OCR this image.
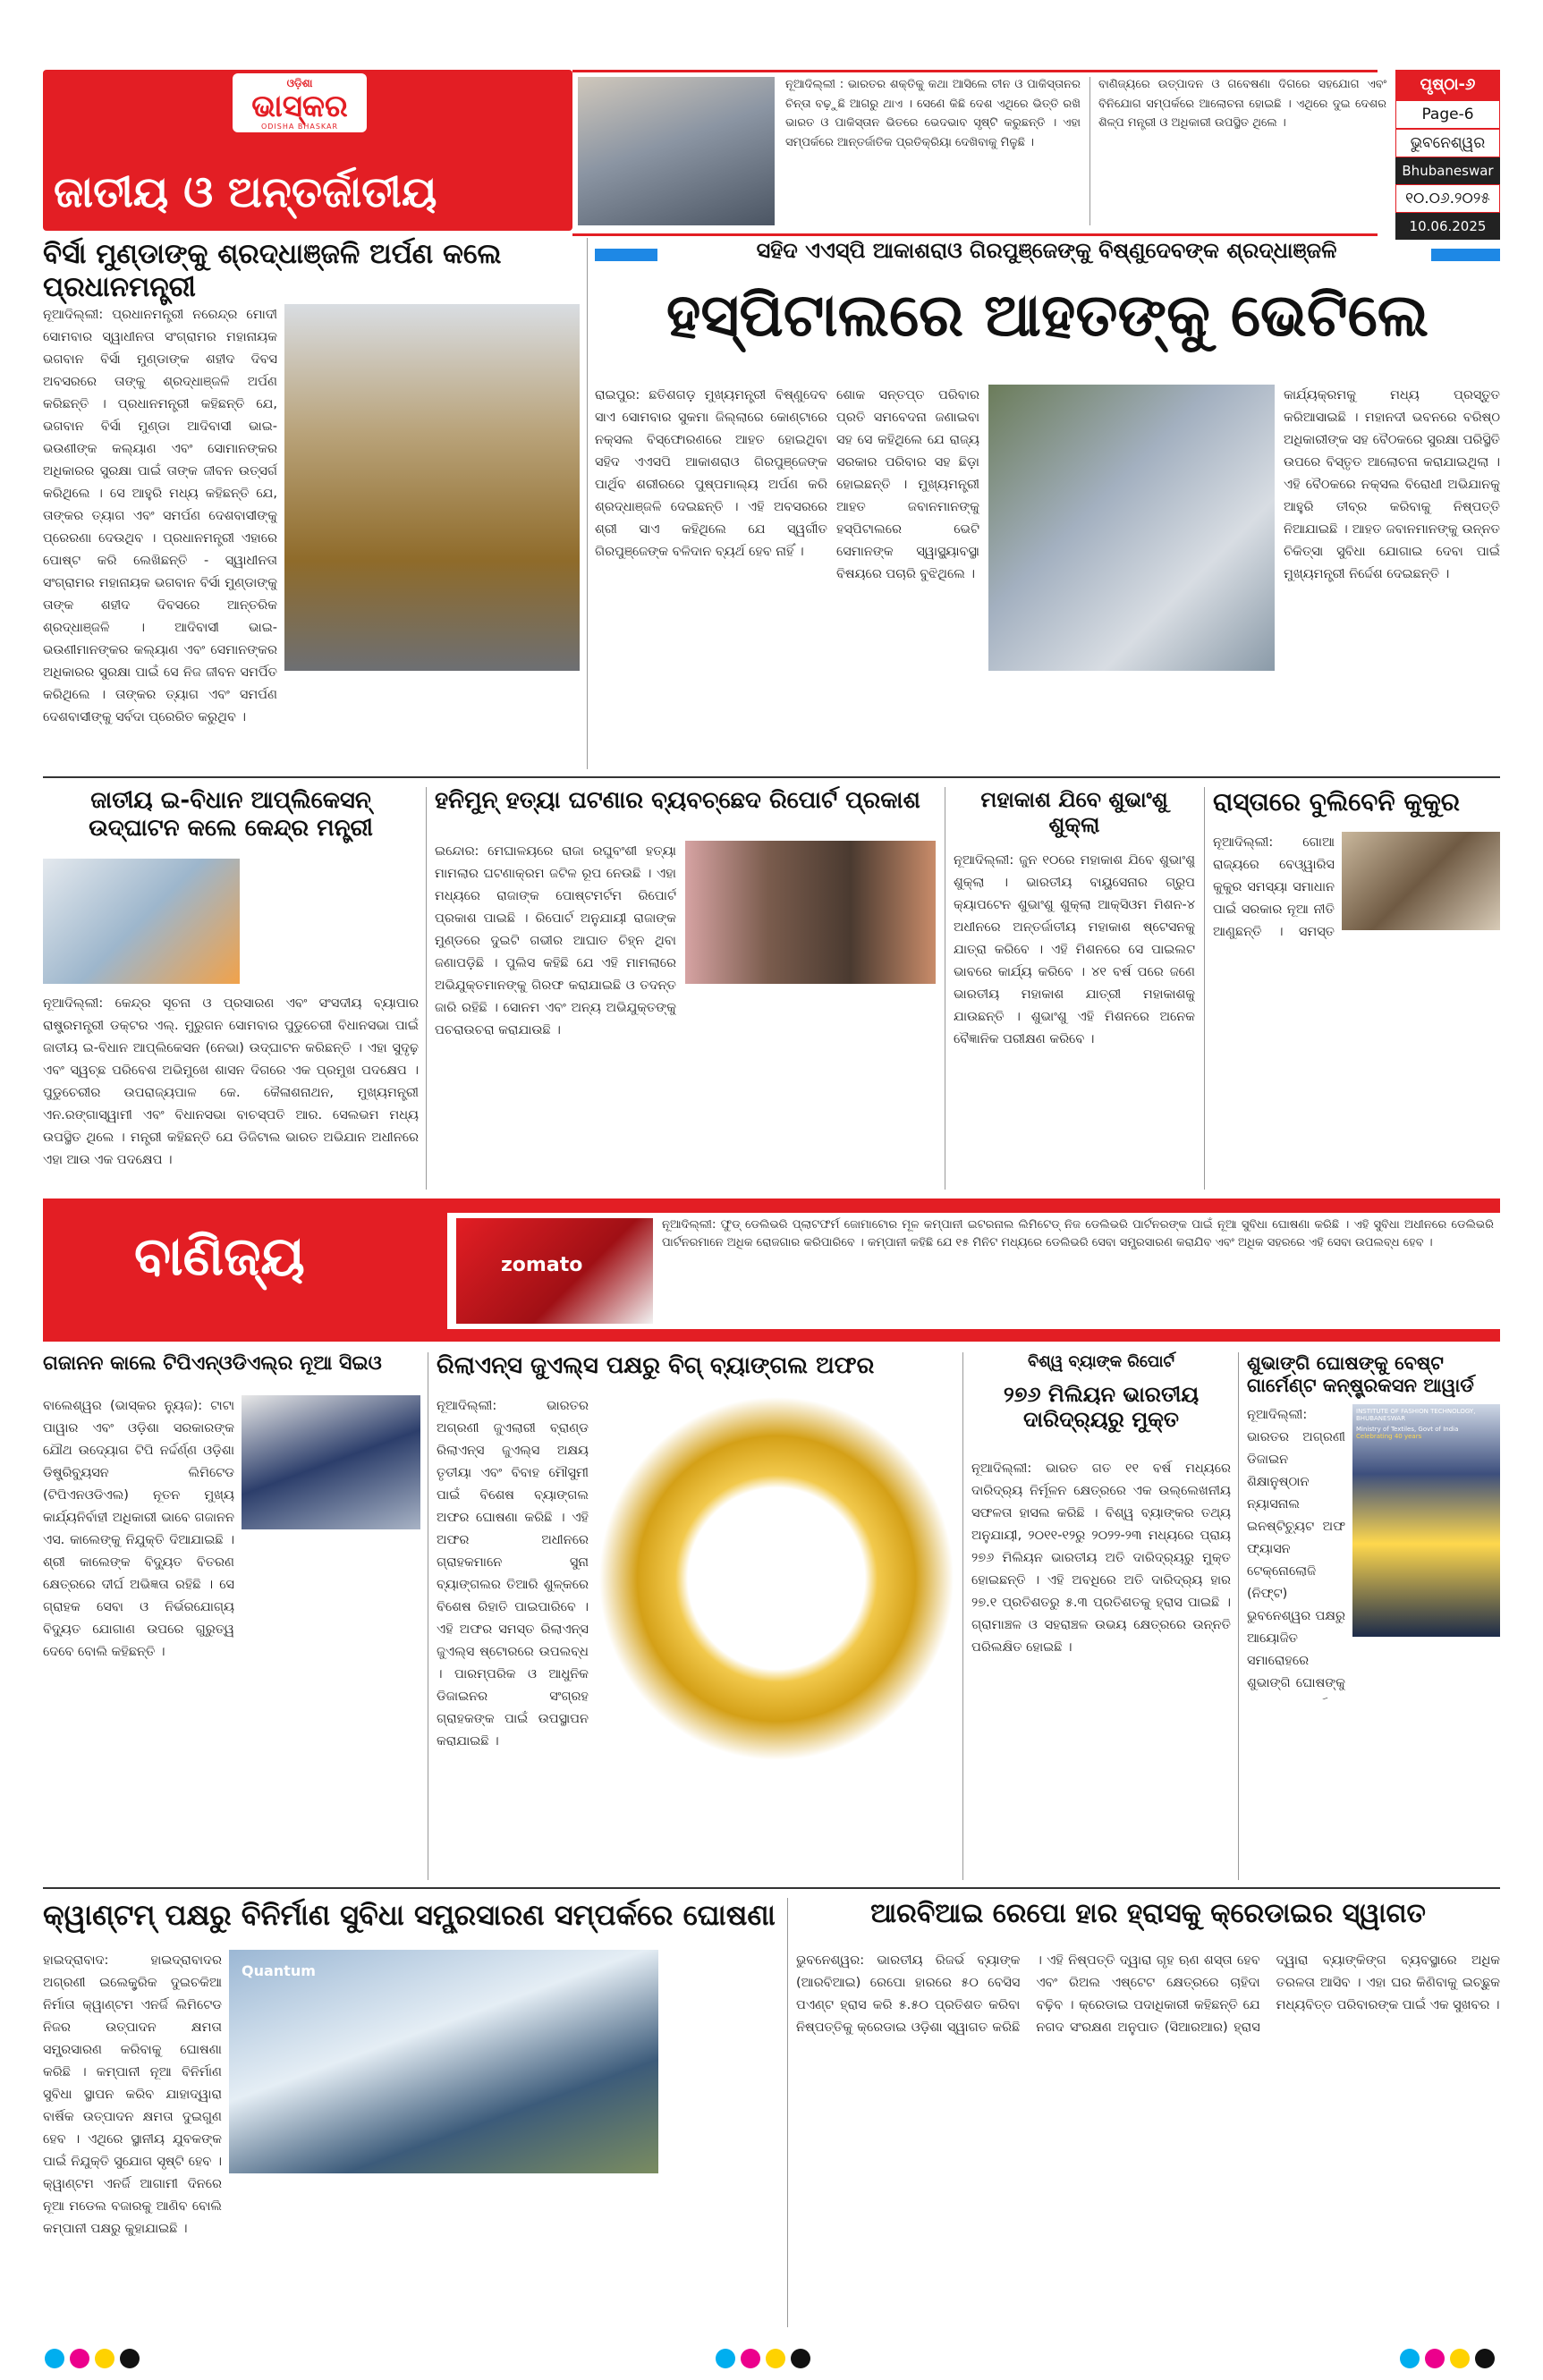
ଓଡ଼ିଶା
ଭାସ୍କର
ODISHA BHASKAR
ଜାତୀୟ ଓ ଅନ୍ତର୍ଜାତୀୟ
ନୂଆଦିଲ୍ଲୀ : ଭାରତର ଶକ୍ତିକୁ କଥା ଆସିଲେ ଚୀନ ଓ ପାକିସ୍ତାନର ଚିନ୍ତା ବଢ଼ୁଛି ଆଗରୁ ଥାଏ । ସେଣେ କିଛି ଦେଶ ଏଥିରେ ଭିତ୍ତି ରଖି ଭାରତ ଓ ପାକିସ୍ତାନ ଭିତରେ ଭେଦଭାବ ସୃଷ୍ଟି କରୁଛନ୍ତି । ଏହା ସମ୍ପର୍କରେ ଆନ୍ତର୍ଜାତିକ ପ୍ରତିକ୍ରିୟା ଦେଖିବାକୁ ମିଳୁଛି ।
ବାଣିଜ୍ୟରେ ଉତ୍ପାଦନ ଓ ଗବେଷଣା ଦିଗରେ ସହଯୋଗ ଏବଂ ବିନିଯୋଗ ସମ୍ପର୍କରେ ଆଲୋଚନା ହୋଇଛି । ଏଥିରେ ଦୁଇ ଦେଶର ଶିଳ୍ପ ମନ୍ତ୍ରୀ ଓ ଅଧିକାରୀ ଉପସ୍ଥିତ ଥିଲେ ।
ପୃଷ୍ଠା-୬
Page-6
ଭୁବନେଶ୍ୱର
Bhubaneswar
୧୦.୦୬.୨୦୨୫
10.06.2025
ବିର୍ସା ମୁଣ୍ଡାଙ୍କୁ ଶ୍ରଦ୍ଧାଞ୍ଜଳି ଅର୍ପଣ କଲେ ପ୍ରଧାନମନ୍ତ୍ରୀ
ନୂଆଦିଲ୍ଲୀ: ପ୍ରଧାନମନ୍ତ୍ରୀ ନରେନ୍ଦ୍ର ମୋଦୀ ସୋମବାର ସ୍ୱାଧୀନତା ସଂଗ୍ରାମର ମହାନାୟକ ଭଗବାନ ବିର୍ସା ମୁଣ୍ଡାଙ୍କ ଶହୀଦ ଦିବସ ଅବସରରେ ତାଙ୍କୁ ଶ୍ରଦ୍ଧାଞ୍ଜଳି ଅର୍ପଣ କରିଛନ୍ତି । ପ୍ରଧାନମନ୍ତ୍ରୀ କହିଛନ୍ତି ଯେ, ଭଗବାନ ବିର୍ସା ମୁଣ୍ଡା ଆଦିବାସୀ ଭାଇ-ଭଉଣୀଙ୍କ କଲ୍ୟାଣ ଏବଂ ସୋମାନଙ୍କର ଅଧିକାରର ସୁରକ୍ଷା ପାଇଁ ତାଙ୍କ ଜୀବନ ଉତ୍ସର୍ଗ କରିଥିଲେ । ସେ ଆହୁରି ମଧ୍ୟ କହିଛନ୍ତି ଯେ, ତାଙ୍କର ତ୍ୟାଗ ଏବଂ ସମର୍ପଣ ଦେଶବାସୀଙ୍କୁ ପ୍ରେରଣା ଦେଉଥିବ । ପ୍ରଧାନମନ୍ତ୍ରୀ ଏହାରେ ପୋଷ୍ଟ କରି ଲେଖିଛନ୍ତି - ସ୍ୱାଧୀନତା ସଂଗ୍ରାମର ମହାନାୟକ ଭଗବାନ ବିର୍ସା ମୁଣ୍ଡାଙ୍କୁ ତାଙ୍କ ଶହୀଦ ଦିବସରେ ଆନ୍ତରିକ ଶ୍ରଦ୍ଧାଞ୍ଜଳି । ଆଦିବାସୀ ଭାଇ-ଭଉଣୀମାନଙ୍କର କଲ୍ୟାଣ ଏବଂ ସେମାନଙ୍କର ଅଧିକାରର ସୁରକ୍ଷା ପାଇଁ ସେ ନିଜ ଜୀବନ ସମର୍ପିତ କରିଥିଲେ । ତାଙ୍କର ତ୍ୟାଗ ଏବଂ ସମର୍ପଣ ଦେଶବାସୀଙ୍କୁ ସର୍ବଦା ପ୍ରେରିତ କରୁଥିବ ।
ସହିଦ ଏଏସ୍‌ପି ଆକାଶରାଓ ଗିରପୁଞ୍ଜେଙ୍କୁ ବିଷ୍ଣୁଦେବଙ୍କ ଶ୍ରଦ୍ଧାଞ୍ଜଳି
ହସ୍ପିଟାଲରେ ଆହତଙ୍କୁ ଭେଟିଲେ
ରାଇପୁର: ଛତିଶଗଡ଼ ମୁଖ୍ୟମନ୍ତ୍ରୀ ବିଷ୍ଣୁଦେବ ସାଏ ସୋମବାର ସୁକମା ଜିଲ୍ଲାରେ କୋଣ୍ଟାରେ ନକ୍ସଲ ବିସ୍ଫୋରଣରେ ଆହତ ହୋଇଥିବା ସହିଦ ଏଏସପି ଆକାଶରାଓ ଗିରପୁଞ୍ଜେଙ୍କ ପାର୍ଥିବ ଶରୀରରେ ପୁଷ୍ପମାଲ୍ୟ ଅର୍ପଣ କରି ଶ୍ରଦ୍ଧାଞ୍ଜଳି ଦେଇଛନ୍ତି । ଏହି ଅବସରରେ ଶ୍ରୀ ସାଏ କହିଥିଲେ ଯେ ସ୍ୱର୍ଗୀତ ଗିରପୁଞ୍ଜେଙ୍କ ବଳିଦାନ ବ୍ୟର୍ଥ ହେବ ନାହିଁ ।
ଶୋକ ସନ୍ତପ୍ତ ପରିବାର ପ୍ରତି ସମବେଦନା ଜଣାଇବା ସହ ସେ କହିଥିଲେ ଯେ ରାଜ୍ୟ ସରକାର ପରିବାର ସହ ଛିଡ଼ା ହୋଇଛନ୍ତି । ମୁଖ୍ୟମନ୍ତ୍ରୀ ଆହତ ଜବାନମାନଙ୍କୁ ହସ୍ପିଟାଲରେ ଭେଟି ସେମାନଙ୍କ ସ୍ୱାସ୍ଥ୍ୟାବସ୍ଥା ବିଷୟରେ ପଚାରି ବୁଝିଥିଲେ ।
କାର୍ଯ୍ୟକ୍ରମକୁ ମଧ୍ୟ ପ୍ରସ୍ତୁତ କରିଆସାଇଛି । ମହାନଦୀ ଭବନରେ ବରିଷ୍ଠ ଅଧିକାରୀଙ୍କ ସହ ବୈଠକରେ ସୁରକ୍ଷା ପରିସ୍ଥିତି ଉପରେ ବିସ୍ତୃତ ଆଲୋଚନା କରାଯାଇଥିଲା । ଏହି ବୈଠକରେ ନକ୍ସଲ ବିରୋଧୀ ଅଭିଯାନକୁ ଆହୁରି ତୀବ୍ର କରିବାକୁ ନିଷ୍ପତ୍ତି ନିଆଯାଇଛି । ଆହତ ଜବାନମାନଙ୍କୁ ଉନ୍ନତ ଚିକିତ୍ସା ସୁବିଧା ଯୋଗାଇ ଦେବା ପାଇଁ ମୁଖ୍ୟମନ୍ତ୍ରୀ ନିର୍ଦ୍ଦେଶ ଦେଇଛନ୍ତି ।
ଜାତୀୟ ଇ-ବିଧାନ ଆପ୍ଲିକେସନ୍ ଉଦ୍‌ଘାଟନ କଲେ କେନ୍ଦ୍ର ମନ୍ତ୍ରୀ
ନୂଆଦିଲ୍ଲୀ: କେନ୍ଦ୍ର ସୂଚନା ଓ ପ୍ରସାରଣ ଏବଂ ସଂସଦୀୟ ବ୍ୟାପାର ରାଷ୍ଟ୍ରମନ୍ତ୍ରୀ ଡକ୍ଟର ଏଲ୍. ମୁରୁଗନ ସୋମବାର ପୁଡୁଚେରୀ ବିଧାନସଭା ପାଇଁ ଜାତୀୟ ଇ-ବିଧାନ ଆପ୍ଲିକେସନ (ନେଭା) ଉଦ୍‌ଘାଟନ କରିଛନ୍ତି । ଏହା ସୁଦୃଢ଼ ଏବଂ ସ୍ୱଚ୍ଛ ପରିବେଶ ଅଭିମୁଖେ ଶାସନ ଦିଗରେ ଏକ ପ୍ରମୁଖ ପଦକ୍ଷେପ । ପୁଡୁଚେରୀର ଉପରାଜ୍ୟପାଳ କେ. କୈଳାଶନାଥନ, ମୁଖ୍ୟମନ୍ତ୍ରୀ ଏନ.ରଙ୍ଗାସ୍ୱାମୀ ଏବଂ ବିଧାନସଭା ବାଚସ୍ପତି ଆର. ସେଲଭମ ମଧ୍ୟ ଉପସ୍ଥିତ ଥିଲେ । ମନ୍ତ୍ରୀ କହିଛନ୍ତି ଯେ ଡିଜିଟାଲ ଭାରତ ଅଭିଯାନ ଅଧୀନରେ ଏହା ଆଉ ଏକ ପଦକ୍ଷେପ ।
ହନିମୁନ୍ ହତ୍ୟା ଘଟଣାର ବ୍ୟବଚ୍ଛେଦ ରିପୋର୍ଟ ପ୍ରକାଶ
ଇନ୍ଦୋର: ମେଘାଳୟରେ ରାଜା ରଘୁବଂଶୀ ହତ୍ୟା ମାମଲାର ଘଟଣାକ୍ରମ ଜଟିଳ ରୂପ ନେଉଛି । ଏହା ମଧ୍ୟରେ ରାଜାଙ୍କ ପୋଷ୍ଟମର୍ଟମ ରିପୋର୍ଟ ପ୍ରକାଶ ପାଇଛି । ରିପୋର୍ଟ ଅନୁଯାୟୀ ରାଜାଙ୍କ ମୁଣ୍ଡରେ ଦୁଇଟି ଗଭୀର ଆଘାତ ଚିହ୍ନ ଥିବା ଜଣାପଡ଼ିଛି । ପୁଲିସ କହିଛି ଯେ ଏହି ମାମଲାରେ ଅଭିଯୁକ୍ତମାନଙ୍କୁ ଗିରଫ କରାଯାଇଛି ଓ ତଦନ୍ତ ଜାରି ରହିଛି । ସୋନମ ଏବଂ ଅନ୍ୟ ଅଭିଯୁକ୍ତଙ୍କୁ ପଚରାଉଚରା କରାଯାଉଛି ।
ମହାକାଶ ଯିବେ ଶୁଭାଂଶୁ ଶୁକ୍ଲା
ନୂଆଦିଲ୍ଲୀ: ଜୁନ ୧୦ରେ ମହାକାଶ ଯିବେ ଶୁଭାଂଶୁ ଶୁକ୍ଲା । ଭାରତୀୟ ବାୟୁସେନାର ଗ୍ରୁପ କ୍ୟାପଟେନ ଶୁଭାଂଶୁ ଶୁକ୍ଲା ଆକ୍ସିଓମ ମିଶନ-୪ ଅଧୀନରେ ଅନ୍ତର୍ଜାତୀୟ ମହାକାଶ ଷ୍ଟେସନକୁ ଯାତ୍ରା କରିବେ । ଏହି ମିଶନରେ ସେ ପାଇଲଟ ଭାବରେ କାର୍ଯ୍ୟ କରିବେ । ୪୧ ବର୍ଷ ପରେ ଜଣେ ଭାରତୀୟ ମହାକାଶ ଯାତ୍ରୀ ମହାକାଶକୁ ଯାଉଛନ୍ତି । ଶୁଭାଂଶୁ ଏହି ମିଶନରେ ଅନେକ ବୈଜ୍ଞାନିକ ପରୀକ୍ଷଣ କରିବେ ।
ରାସ୍ତାରେ ବୁଲିବେନି କୁକୁର
ନୂଆଦିଲ୍ଲୀ: ଗୋଆ ରାଜ୍ୟରେ ବେଓ୍ୱାରିସ କୁକୁର ସମସ୍ୟା ସମାଧାନ ପାଇଁ ସରକାର ନୂଆ ନୀତି ଆଣୁଛନ୍ତି । ସମସ୍ତ
ବାଣିଜ୍ୟ	zomato
ନୂଆଦିଲ୍ଲୀ: ଫୁଡ୍ ଡେଲିଭରି ପ୍ଲାଟଫର୍ମ ଜୋମାଟୋର ମୂଳ କମ୍ପାନୀ ଇଟରନାଲ ଲିମିଟେଡ୍ ନିଜ ଡେଲିଭରି ପାର୍ଟନରଙ୍କ ପାଇଁ ନୂଆ ସୁବିଧା ଘୋଷଣା କରିଛି । ଏହି ସୁବିଧା ଅଧୀନରେ ଡେଲିଭରି ପାର୍ଟନରମାନେ ଅଧିକ ରୋଜଗାର କରିପାରିବେ । କମ୍ପାନୀ କହିଛି ଯେ ୧୫ ମିନିଟ ମଧ୍ୟରେ ଡେଲିଭରି ସେବା ସମ୍ପ୍ରସାରଣ କରାଯିବ ଏବଂ ଅଧିକ ସହରରେ ଏହି ସେବା ଉପଲବ୍ଧ ହେବ ।
ଗଜାନନ କାଲେ ଟିପିଏନ୍‌ଓଡିଏଲ୍‌ର ନୂଆ ସିଇଓ
ବାଲେଶ୍ୱର (ଭାସ୍କର ନ୍ୟୁଜ): ଟାଟା ପାୱାର ଏବଂ ଓଡ଼ିଶା ସରକାରଙ୍କ ଯୌଥ ଉଦ୍ୟୋଗ ଟିପି ନର୍ଦ୍ଦର୍ଣ୍ଣ ଓଡ଼ିଶା ଡିଷ୍ଟ୍ରିବ୍ୟୁସନ ଲିମିଟେଡ (ଟିପିଏନଓଡିଏଲ) ନୂତନ ମୁଖ୍ୟ କାର୍ଯ୍ୟନିର୍ବାହୀ ଅଧିକାରୀ ଭାବେ ଗଜାନନ ଏସ. କାଲେଙ୍କୁ ନିଯୁକ୍ତି ଦିଆଯାଇଛି । ଶ୍ରୀ କାଲେଙ୍କ ବିଦ୍ୟୁତ ବିତରଣ କ୍ଷେତ୍ରରେ ଦୀର୍ଘ ଅଭିଜ୍ଞତା ରହିଛି । ସେ ଗ୍ରାହକ ସେବା ଓ ନିର୍ଭରଯୋଗ୍ୟ ବିଦ୍ୟୁତ ଯୋଗାଣ ଉପରେ ଗୁରୁତ୍ୱ ଦେବେ ବୋଲି କହିଛନ୍ତି ।
ରିଲାଏନ୍ସ ଜୁଏଲ୍ସ ପକ୍ଷରୁ ବିଗ୍ ବ୍ୟାଙ୍ଗଲ ଅଫର
ନୂଆଦିଲ୍ଲୀ: ଭାରତର ଅଗ୍ରଣୀ ଜୁଏଲାରୀ ବ୍ରାଣ୍ଡ ରିଲାଏନ୍ସ ଜୁଏଲ୍ସ ଅକ୍ଷୟ ତୃତୀୟା ଏବଂ ବିବାହ ମୌସୁମୀ ପାଇଁ ବିଶେଷ ବ୍ୟାଙ୍ଗଲ ଅଫର ଘୋଷଣା କରିଛି । ଏହି ଅଫର ଅଧୀନରେ ଗ୍ରାହକମାନେ ସୁନା ବ୍ୟାଙ୍ଗଲର ତିଆରି ଶୁଳ୍କରେ ବିଶେଷ ରିହାତି ପାଇପାରିବେ । ଏହି ଅଫର ସମସ୍ତ ରିଲାଏନ୍ସ ଜୁଏଲ୍ସ ଷ୍ଟୋରରେ ଉପଲବ୍ଧ । ପାରମ୍ପରିକ ଓ ଆଧୁନିକ ଡିଜାଇନର ସଂଗ୍ରହ ଗ୍ରାହକଙ୍କ ପାଇଁ ଉପସ୍ଥାପନ କରାଯାଇଛି ।
ବିଶ୍ୱ ବ୍ୟାଙ୍କ ରିପୋର୍ଟ
୨୭୬ ମିଲିୟନ ଭାରତୀୟ ଦାରିଦ୍ର୍ୟରୁ ମୁକ୍ତ
ନୂଆଦିଲ୍ଲୀ: ଭାରତ ଗତ ୧୧ ବର୍ଷ ମଧ୍ୟରେ ଦାରିଦ୍ର୍ୟ ନିର୍ମୂଳନ କ୍ଷେତ୍ରରେ ଏକ ଉଲ୍ଲେଖନୀୟ ସଫଳତା ହାସଲ କରିଛି । ବିଶ୍ୱ ବ୍ୟାଙ୍କର ତଥ୍ୟ ଅନୁଯାୟୀ, ୨୦୧୧-୧୨ରୁ ୨୦୨୨-୨୩ ମଧ୍ୟରେ ପ୍ରାୟ ୨୭୬ ମିଲିୟନ ଭାରତୀୟ ଅତି ଦାରିଦ୍ର୍ୟରୁ ମୁକ୍ତ ହୋଇଛନ୍ତି । ଏହି ଅବଧିରେ ଅତି ଦାରିଦ୍ର୍ୟ ହାର ୨୭.୧ ପ୍ରତିଶତରୁ ୫.୩ ପ୍ରତିଶତକୁ ହ୍ରାସ ପାଇଛି । ଗ୍ରାମାଞ୍ଚଳ ଓ ସହରାଞ୍ଚଳ ଉଭୟ କ୍ଷେତ୍ରରେ ଉନ୍ନତି ପରିଲକ୍ଷିତ ହୋଇଛି ।
ଶୁଭାଙ୍ଗି ଘୋଷଙ୍କୁ ବେଷ୍ଟ ଗାର୍ମେଣ୍ଟ କନ୍‌ଷ୍ଟ୍ରକସନ ଆୱାର୍ଡ
ନୂଆଦିଲ୍ଲୀ: ଭାରତର ଅଗ୍ରଣୀ ଡିଜାଇନ ଶିକ୍ଷାନୁଷ୍ଠାନ ନ୍ୟାସନାଲ ଇନଷ୍ଟିଚ୍ୟୁଟ ଅଫ ଫ୍ୟାସନ ଟେକ୍ନୋଲୋଜି (ନିଫ୍ଟ) ଭୁବନେଶ୍ୱର ପକ୍ଷରୁ ଆୟୋଜିତ ସମାରୋହରେ ଶୁଭାଙ୍ଗି ଘୋଷଙ୍କୁ
INSTITUTE OF FASHION TECHNOLOGY, BHUBANESWAR
Ministry of Textiles, Govt of India
Celebrating 40 years
କ୍ୱାଣ୍ଟମ୍ ପକ୍ଷରୁ ବିନିର୍ମାଣ ସୁବିଧା ସମ୍ପ୍ରସାରଣ ସମ୍ପର୍କରେ ଘୋଷଣା
ହାଇଦ୍ରାବାଦ: ହାଇଦ୍ରାବାଦର ଅଗ୍ରଣୀ ଇଲେକ୍ଟ୍ରିକ ଦୁଇଚକିଆ ନିର୍ମାତା କ୍ୱାଣ୍ଟମ ଏନର୍ଜି ଲିମିଟେଡ ନିଜର ଉତ୍ପାଦନ କ୍ଷମତା ସମ୍ପ୍ରସାରଣ କରିବାକୁ ଘୋଷଣା କରିଛି । କମ୍ପାନୀ ନୂଆ ବିନିର୍ମାଣ ସୁବିଧା ସ୍ଥାପନ କରିବ ଯାହାଦ୍ୱାରା ବାର୍ଷିକ ଉତ୍ପାଦନ କ୍ଷମତା ଦୁଇଗୁଣ ହେବ । ଏଥିରେ ସ୍ଥାନୀୟ ଯୁବକଙ୍କ ପାଇଁ ନିଯୁକ୍ତି ସୁଯୋଗ ସୃଷ୍ଟି ହେବ । କ୍ୱାଣ୍ଟମ ଏନର୍ଜି ଆଗାମୀ ଦିନରେ ନୂଆ ମଡେଲ ବଜାରକୁ ଆଣିବ ବୋଲି କମ୍ପାନୀ ପକ୍ଷରୁ କୁହାଯାଇଛି ।
Quantum
ଆରବିଆଇ ରେପୋ ହାର ହ୍ରାସକୁ କ୍ରେଡାଇର ସ୍ୱାଗତ
ଭୁବନେଶ୍ୱର: ଭାରତୀୟ ରିଜର୍ଭ ବ୍ୟାଙ୍କ (ଆରବିଆଇ) ରେପୋ ହାରରେ ୫୦ ବେସିସ ପଏଣ୍ଟ ହ୍ରାସ କରି ୫.୫୦ ପ୍ରତିଶତ କରିବା ନିଷ୍ପତ୍ତିକୁ କ୍ରେଡାଇ ଓଡ଼ିଶା ସ୍ୱାଗତ କରିଛି । ଏହି ନିଷ୍ପତ୍ତି ଦ୍ୱାରା ଗୃହ ଋଣ ଶସ୍ତା ହେବ ଏବଂ ରିଅଲ ଏଷ୍ଟେଟ କ୍ଷେତ୍ରରେ ଚାହିଦା ବଢ଼ିବ । କ୍ରେଡାଇ ପଦାଧିକାରୀ କହିଛନ୍ତି ଯେ ନଗଦ ସଂରକ୍ଷଣ ଅନୁପାତ (ସିଆରଆର) ହ୍ରାସ ଦ୍ୱାରା ବ୍ୟାଙ୍କିଙ୍ଗ ବ୍ୟବସ୍ଥାରେ ଅଧିକ ତରଳତା ଆସିବ । ଏହା ଘର କିଣିବାକୁ ଇଚ୍ଛୁକ ମଧ୍ୟବିତ୍ତ ପରିବାରଙ୍କ ପାଇଁ ଏକ ସୁଖବର ।
